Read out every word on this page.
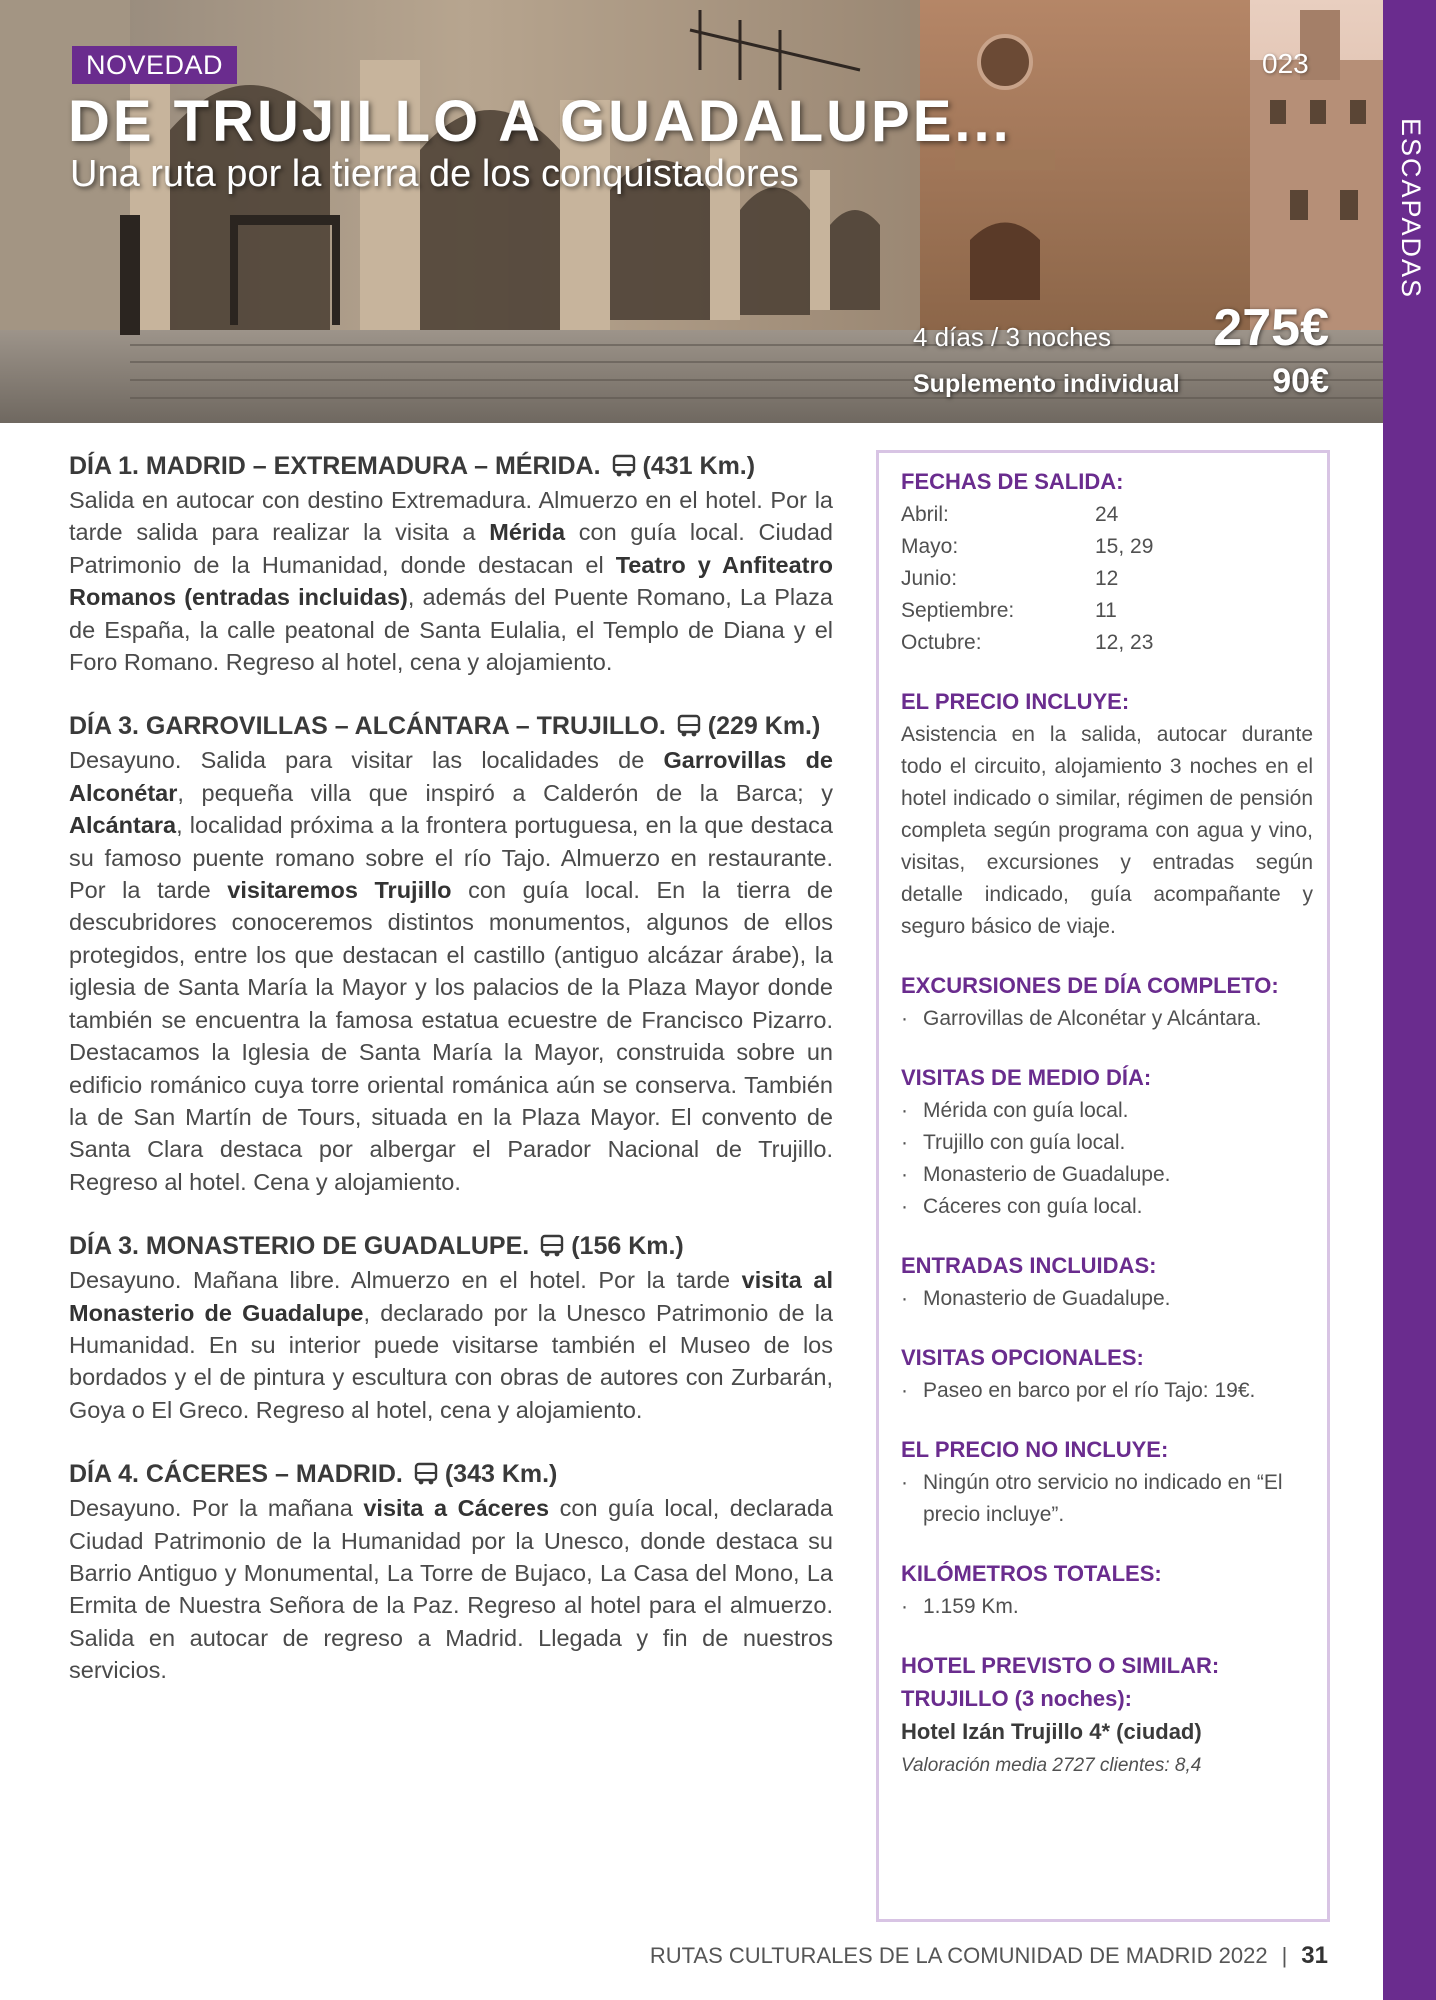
NOVEDAD
DE TRUJILLO A GUADALUPE...
Una ruta por la tierra de los conquistadores
023
4 días / 3 noches 275€
Suplemento individual	90€
ESCAPADAS
DÍA 1. MADRID – EXTREMADURA – MÉRIDA. (431 Km.)
Salida en autocar con destino Extremadura. Almuerzo en el hotel. Por la tarde salida para realizar la visita a Mérida con guía local. Ciudad Patrimonio de la Humanidad, donde destacan el Teatro y Anfiteatro Romanos (entradas incluidas), además del Puente Romano, La Plaza de España, la calle peatonal de Santa Eulalia, el Templo de Diana y el Foro Romano. Regreso al hotel, cena y alojamiento.
DÍA 3. GARROVILLAS – ALCÁNTARA – TRUJILLO. (229 Km.)
Desayuno. Salida para visitar las localidades de Garrovillas de Alconétar, pequeña villa que inspiró a Calderón de la Barca; y Alcántara, localidad próxima a la frontera portuguesa, en la que destaca su famoso puente romano sobre el río Tajo. Almuerzo en restaurante. Por la tarde visitaremos Trujillo con guía local. En la tierra de descubridores conoceremos distintos monumentos, algunos de ellos protegidos, entre los que destacan el castillo (antiguo alcázar árabe), la iglesia de Santa María la Mayor y los palacios de la Plaza Mayor donde también se encuentra la famosa estatua ecuestre de Francisco Pizarro. Destacamos la Iglesia de Santa María la Mayor, construida sobre un edificio románico cuya torre oriental románica aún se conserva. También la de San Martín de Tours, situada en la Plaza Mayor. El convento de Santa Clara destaca por albergar el Parador Nacional de Trujillo. Regreso al hotel. Cena y alojamiento.
DÍA 3. MONASTERIO DE GUADALUPE. (156 Km.)
Desayuno. Mañana libre. Almuerzo en el hotel. Por la tarde visita al Monasterio de Guadalupe, declarado por la Unesco Patrimonio de la Humanidad. En su interior puede visitarse también el Museo de los bordados y el de pintura y escultura con obras de autores con Zurbarán, Goya o El Greco. Regreso al hotel, cena y alojamiento.
DÍA 4. CÁCERES – MADRID. (343 Km.)
Desayuno. Por la mañana visita a Cáceres con guía local, declarada Ciudad Patrimonio de la Humanidad por la Unesco, donde destaca su Barrio Antiguo y Monumental, La Torre de Bujaco, La Casa del Mono, La Ermita de Nuestra Señora de la Paz. Regreso al hotel para el almuerzo. Salida en autocar de regreso a Madrid. Llegada y fin de nuestros servicios.
FECHAS DE SALIDA:
Abril:	24
Mayo:	15, 29
Junio:	12
Septiembre:	11
Octubre:	12, 23
EL PRECIO INCLUYE:
Asistencia en la salida, autocar durante todo el circuito, alojamiento 3 noches en el hotel indicado o similar, régimen de pensión completa según programa con agua y vino, visitas, excursiones y entradas según detalle indicado, guía acompañante y seguro básico de viaje.
EXCURSIONES DE DÍA COMPLETO:
· Garrovillas de Alconétar y Alcántara.
VISITAS DE MEDIO DÍA:
· Mérida con guía local.
· Trujillo con guía local.
· Monasterio de Guadalupe.
· Cáceres con guía local.
ENTRADAS INCLUIDAS:
· Monasterio de Guadalupe.
VISITAS OPCIONALES:
· Paseo en barco por el río Tajo: 19€.
EL PRECIO NO INCLUYE:
· Ningún otro servicio no indicado en “El precio incluye”.
KILÓMETROS TOTALES:
· 1.159 Km.
HOTEL PREVISTO O SIMILAR:
TRUJILLO (3 noches):
Hotel Izán Trujillo 4* (ciudad)
Valoración media 2727 clientes: 8,4
RUTAS CULTURALES DE LA COMUNIDAD DE MADRID 2022 | 31
